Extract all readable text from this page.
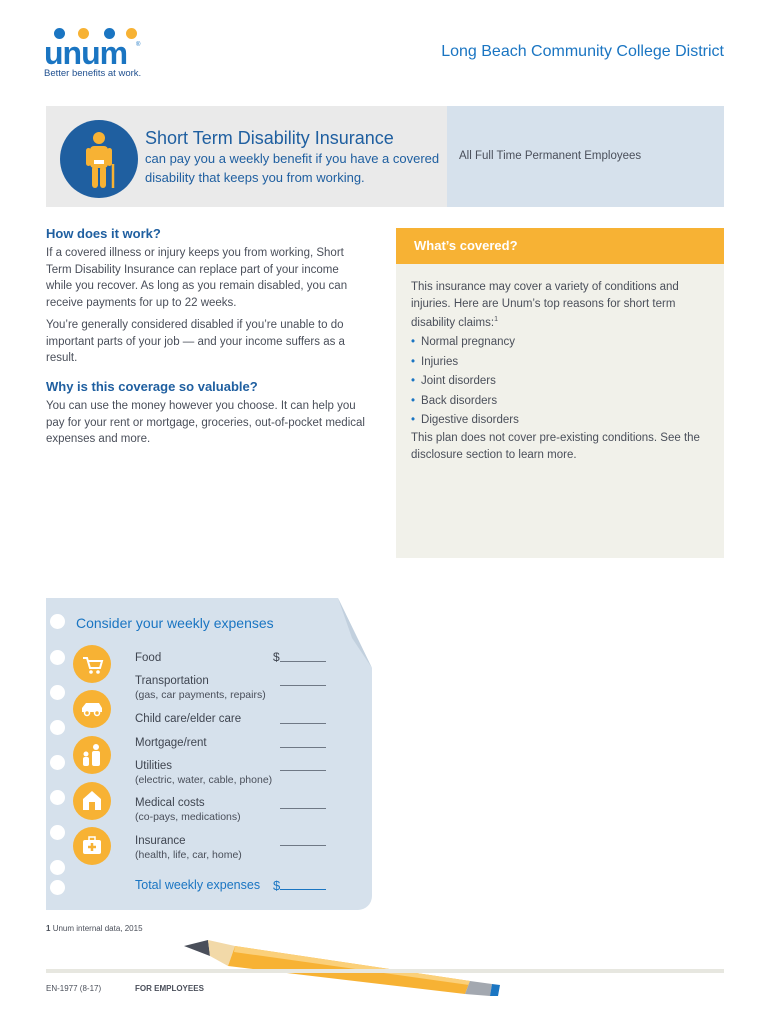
unum ®
Better benefits at work.
Long Beach Community College District
All Full Time Permanent Employees
Short Term Disability Insurance
can pay you a weekly benefit if you have a covered disability that keeps you from working.
How does it work?
If a covered illness or injury keeps you from working, Short Term Disability Insurance can replace part of your income while you recover. As long as you remain disabled, you can receive payments for up to 22 weeks.
You’re generally considered disabled if you’re unable to do important parts of your job — and your income suffers as a result.
Why is this coverage so valuable?
You can use the money however you choose. It can help you pay for your rent or mortgage, groceries, out-of-pocket medical expenses and more.
What’s covered?
This insurance may cover a variety of conditions and injuries. Here are Unum’s top reasons for short term disability claims:$^1$
• Normal pregnancy
• Injuries
• Joint disorders
• Back disorders
• Digestive disorders
This plan does not cover pre-existing conditions. See the disclosure section to learn more.
Consider your weekly expenses
Food	$
Transportation
(gas, car payments, repairs)
Child care/elder care
Mortgage/rent
Utilities
(electric, water, cable, phone)
Medical costs
(co-pays, medications)
Insurance
(health, life, car, home)
Total weekly expenses $
1 Unum internal data, 2015
EN-1977 (8-17)	FOR EMPLOYEES
